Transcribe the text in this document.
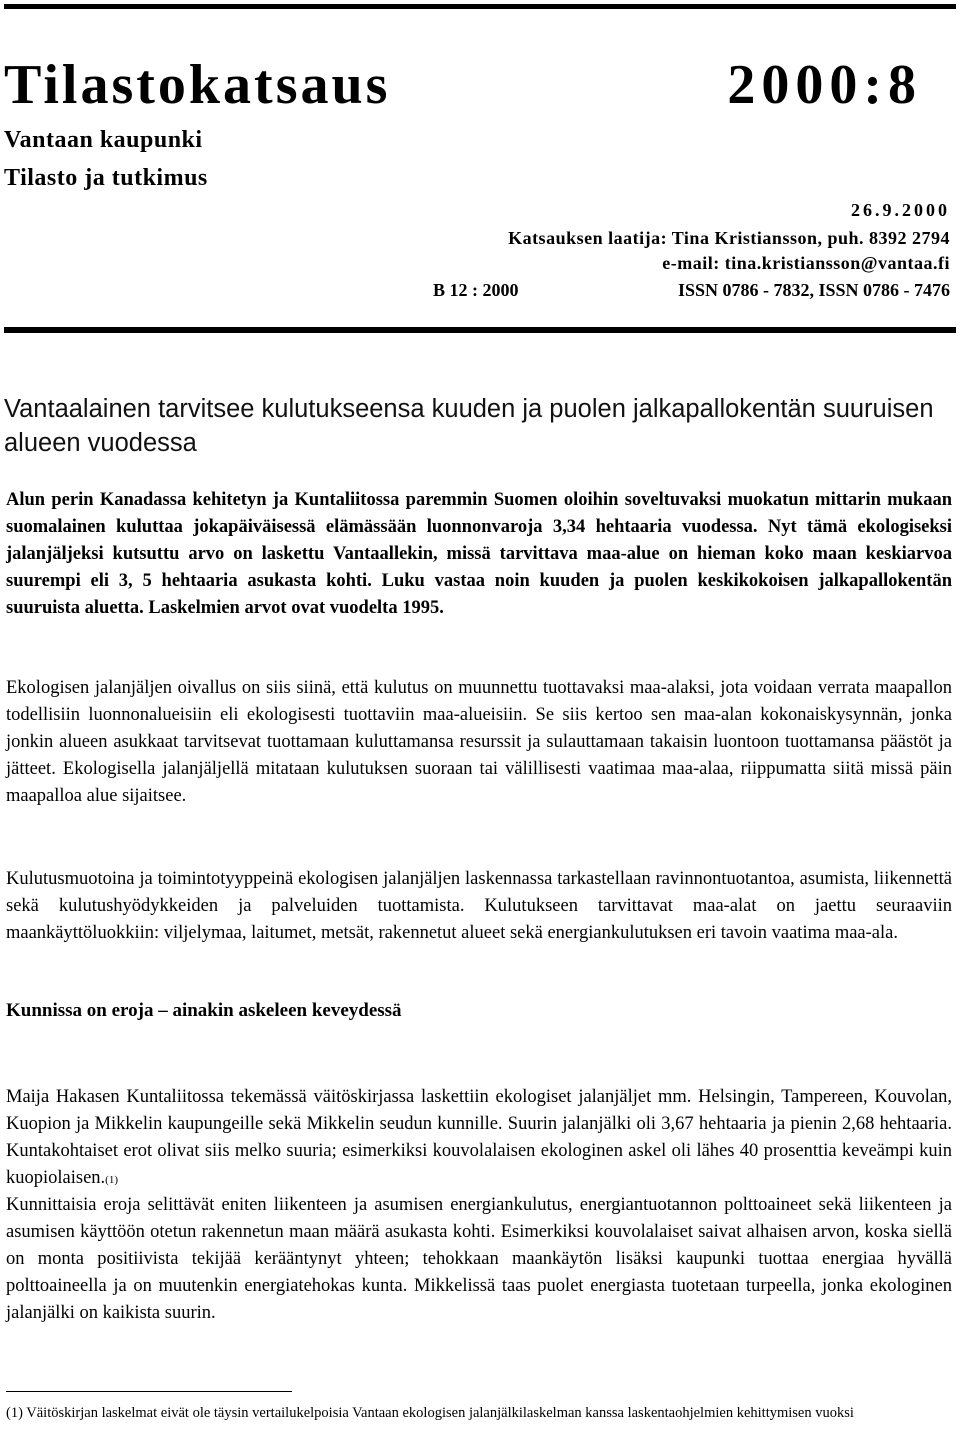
Tilastokatsaus	2000:8
Vantaan kaupunki
Tilasto ja tutkimus
26.9.2000
Katsauksen laatija: Tina Kristiansson, puh. 8392 2794
e-mail: tina.kristiansson@vantaa.fi
B 12 : 2000	ISSN 0786 - 7832, ISSN 0786 - 7476
Vantaalainen tarvitsee kulutukseensa kuuden ja puolen jalkapallokentän suuruisen alueen vuodessa
Alun perin Kanadassa kehitetyn ja Kuntaliitossa paremmin Suomen oloihin soveltuvaksi muokatun mittarin mukaan suomalainen kuluttaa jokapäiväisessä elämässään luonnonvaroja 3,34 hehtaaria vuodessa. Nyt tämä ekologiseksi jalanjäljeksi kutsuttu arvo on laskettu Vantaallekin, missä tarvittava maa-alue on hieman koko maan keskiarvoa suurempi eli 3, 5 hehtaaria asukasta kohti. Luku vastaa noin kuuden ja puolen keskikokoisen jalkapallokentän suuruista aluetta. Laskelmien arvot ovat vuodelta 1995.
Ekologisen jalanjäljen oivallus on siis siinä, että kulutus on muunnettu tuottavaksi maa-alaksi, jota voidaan verrata maapallon todellisiin luonnonalueisiin eli ekologisesti tuottaviin maa-alueisiin. Se siis kertoo sen maa-alan kokonaiskysynnän, jonka jonkin alueen asukkaat tarvitsevat tuottamaan kuluttamansa resurssit ja sulauttamaan takaisin luontoon tuottamansa päästöt ja jätteet. Ekologisella jalanjäljellä mitataan kulutuksen suoraan tai välillisesti vaatimaa maa-alaa, riippumatta siitä missä päin maapalloa alue sijaitsee.
Kulutusmuotoina ja toimintotyyppeinä ekologisen jalanjäljen laskennassa tarkastellaan ravinnontuotantoa, asumista, liikennettä sekä kulutushyödykkeiden ja palveluiden tuottamista. Kulutukseen tarvittavat maa-alat on jaettu seuraaviin maankäyttöluokkiin: viljelymaa, laitumet, metsät, rakennetut alueet sekä energiankulutuksen eri tavoin vaatima maa-ala.
Kunnissa on eroja – ainakin askeleen keveydessä
Maija Hakasen Kuntaliitossa tekemässä väitöskirjassa laskettiin ekologiset jalanjäljet mm. Helsingin, Tampereen, Kouvolan, Kuopion ja Mikkelin kaupungeille sekä Mikkelin seudun kunnille. Suurin jalanjälki oli 3,67 hehtaaria ja pienin 2,68 hehtaaria. Kuntakohtaiset erot olivat siis melko suuria; esimerkiksi kouvolalaisen ekologinen askel oli lähes 40 prosenttia keveämpi kuin kuopiolaisen.(1)
Kunnittaisia eroja selittävät eniten liikenteen ja asumisen energiankulutus, energiantuotannon polttoaineet sekä liikenteen ja asumisen käyttöön otetun rakennetun maan määrä asukasta kohti. Esimerkiksi kouvolalaiset saivat alhaisen arvon, koska siellä on monta positiivista tekijää kerääntynyt yhteen; tehokkaan maankäytön lisäksi kaupunki tuottaa energiaa hyvällä polttoaineella ja on muutenkin energiatehokas kunta. Mikkelissä taas puolet energiasta tuotetaan turpeella, jonka ekologinen jalanjälki on kaikista suurin.
(1) Väitöskirjan laskelmat eivät ole täysin vertailukelpoisia Vantaan ekologisen jalanjälkilaskelman kanssa laskentaohjelmien kehittymisen vuoksi
